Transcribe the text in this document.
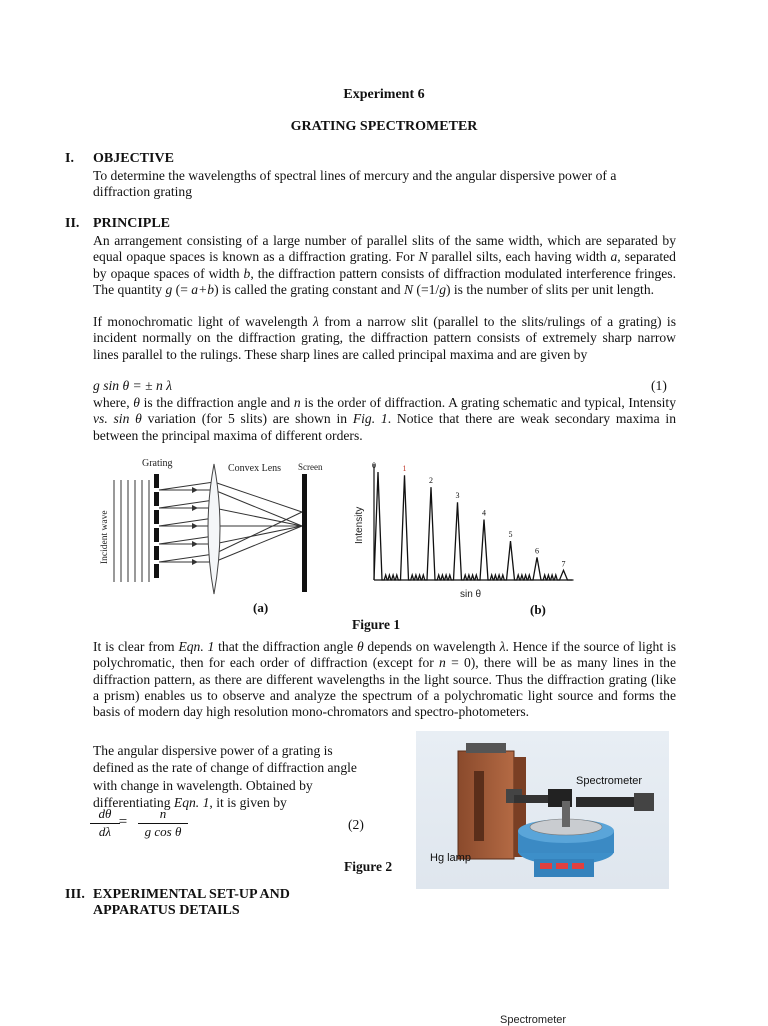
Experiment 6
GRATING SPECTROMETER
I. OBJECTIVE
To determine the wavelengths of spectral lines of mercury and the angular dispersive power of a diffraction grating
II. PRINCIPLE
An arrangement consisting of a large number of parallel slits of the same width, which are separated by equal opaque spaces is known as a diffraction grating. For N parallel silts, each having width a, separated by opaque spaces of width b, the diffraction pattern consists of diffraction modulated interference fringes. The quantity g (= a+b) is called the grating constant and N (=1/g) is the number of slits per unit length.
If monochromatic light of wavelength λ from a narrow slit (parallel to the slits/rulings of a grating) is incident normally on the diffraction grating, the diffraction pattern consists of extremely sharp narrow lines parallel to the rulings. These sharp lines are called principal maxima and are given by
g sin θ = ± n λ	(1)
where, θ is the diffraction angle and n is the order of diffraction. A grating schematic and typical, Intensity vs. sin θ variation (for 5 slits) are shown in Fig. 1. Notice that there are weak secondary maxima in between the principal maxima of different orders.
Grating	Convex Lens Screen
Incident wave
(a)
0	1
2
3
4
5
6
7
Intensity
sin θ
(b)
Figure 1
It is clear from Eqn. 1 that the diffraction angle θ depends on wavelength λ. Hence if the source of light is polychromatic, then for each order of diffraction (except for n = 0), there will be as many lines in the diffraction pattern, as there are different wavelengths in the light source. Thus the diffraction grating (like a prism) enables us to observe and analyze the spectrum of a polychromatic light source and forms the basis of modern day high resolution mono-chromators and spectro-photometers.
The angular dispersive power of a grating is defined as the rate of change of diffraction angle with change in wavelength. Obtained by differentiating Eqn. 1, it is given by
dθ
dλ
=
n
g cos θ	(2)
Spectrometer
Hg lamp
Figure 2
III. EXPERIMENTAL SET-UP AND
APPARATUS DETAILS
Spectrometer
